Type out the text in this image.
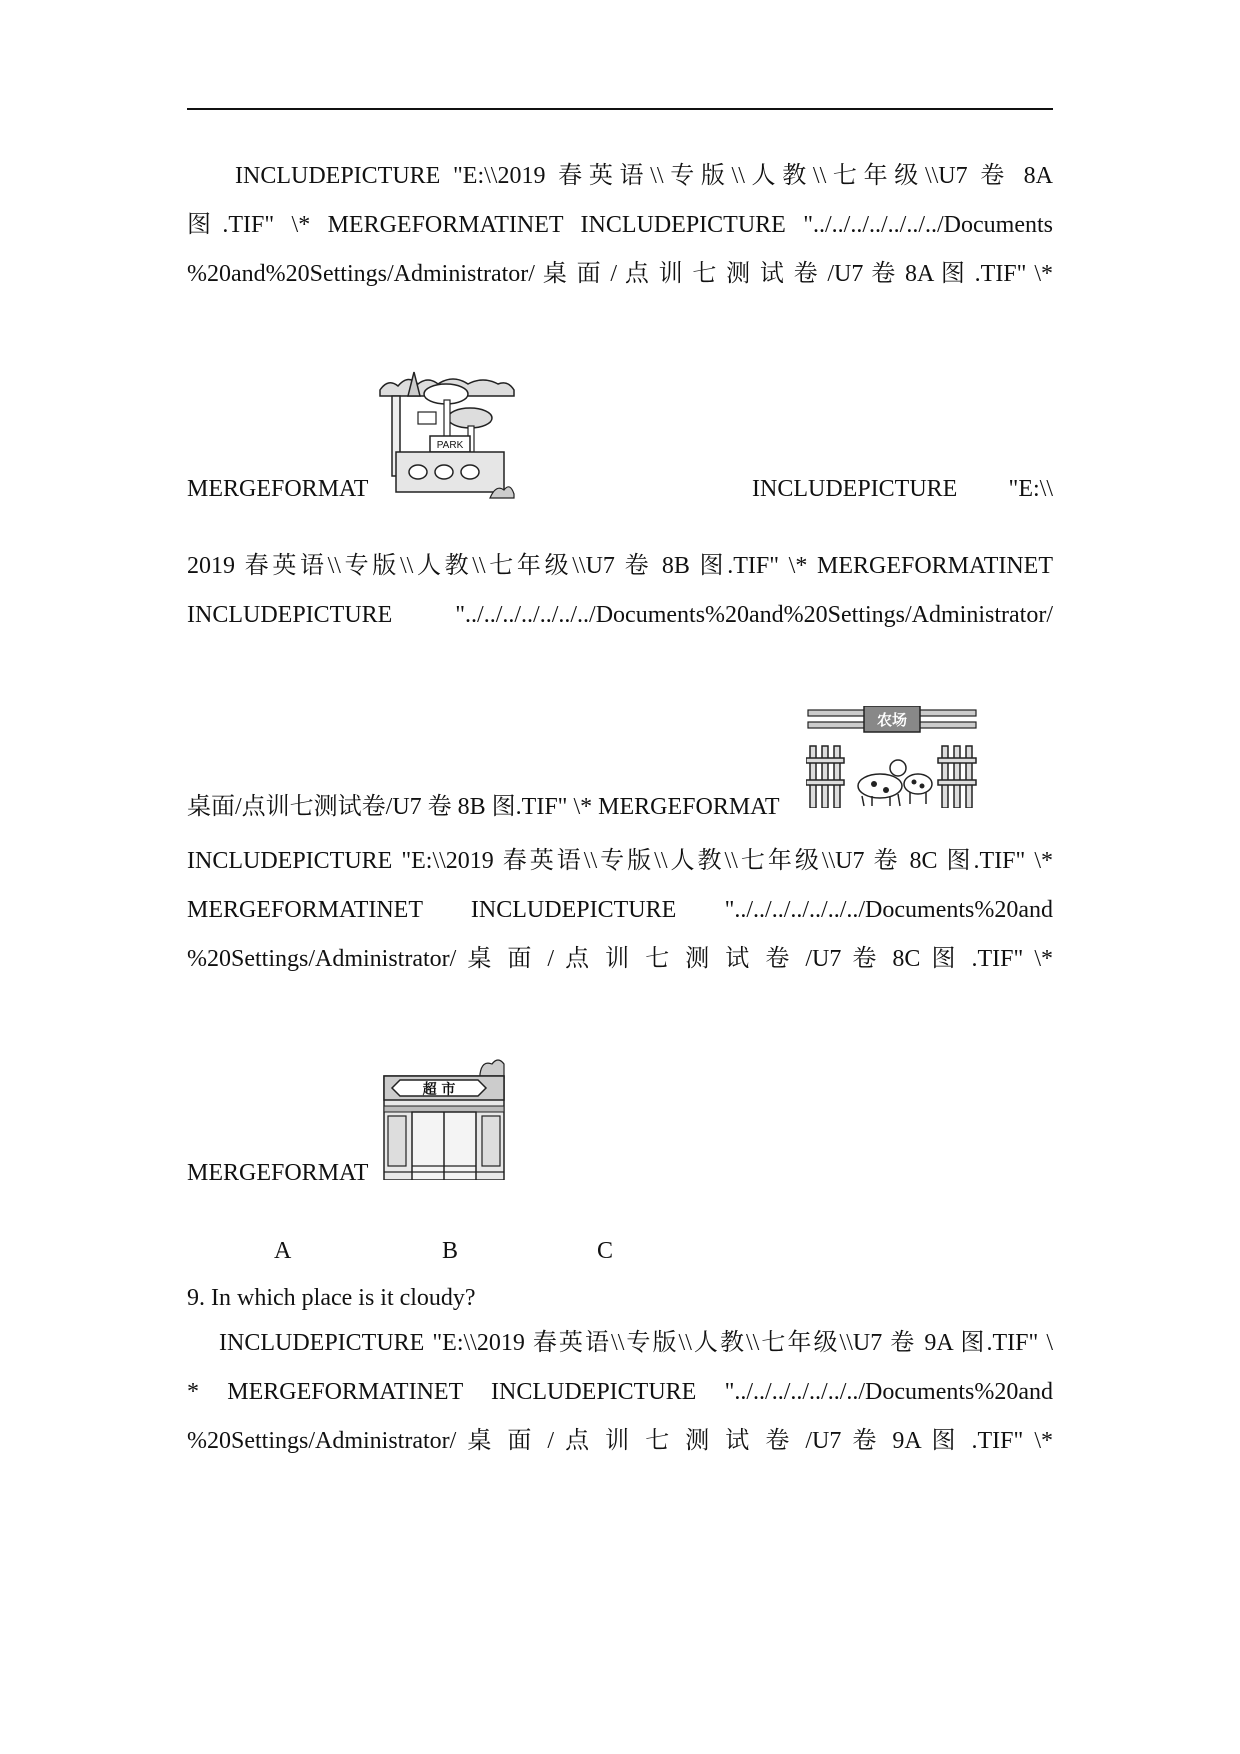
INCLUDEPICTURE "E:\\2019 春英语\\专版\\人教\\七年级\\U7 卷 8A
图.TIF" \* MERGEFORMATINET INCLUDEPICTURE "../../../../../../../Documents
%20and%20Settings/Administrator/ 桌 面 / 点 训 七 测 试 卷 /U7 卷 8A 图 .TIF" \*
MERGEFORMAT
PARK
INCLUDEPICTURE "E:\\
2019 春英语\\专版\\人教\\七年级\\U7 卷 8B 图.TIF" \* MERGEFORMATINET
INCLUDEPICTURE "../../../../../../../Documents%20and%20Settings/Administrator/
桌面/点训七测试卷/U7 卷 8B 图.TIF" \* MERGEFORMAT
农场
INCLUDEPICTURE "E:\\2019 春英语\\专版\\人教\\七年级\\U7 卷 8C 图.TIF" \*
MERGEFORMATINET INCLUDEPICTURE "../../../../../../../Documents%20and
%20Settings/Administrator/ 桌 面 / 点 训 七 测 试 卷 /U7 卷 8C 图 .TIF" \*
MERGEFORMAT
超 市
A	B	C
9. In which place is it cloudy?
INCLUDEPICTURE "E:\\2019 春英语\\专版\\人教\\七年级\\U7 卷 9A 图.TIF" \
* MERGEFORMATINET INCLUDEPICTURE "../../../../../../../Documents%20and
%20Settings/Administrator/ 桌 面 / 点 训 七 测 试 卷 /U7 卷 9A 图 .TIF" \*
